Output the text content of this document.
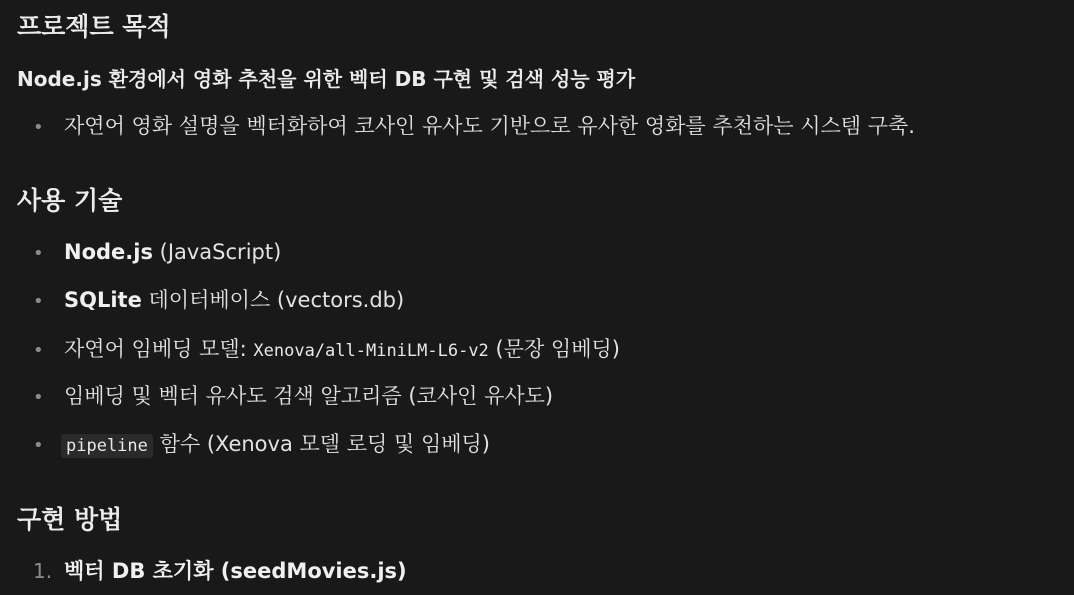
프로젝트 목적
Node.js 환경에서 영화 추천을 위한 벡터 DB 구현 및 검색 성능 평가
• 자연어 영화 설명을 벡터화하여 코사인 유사도 기반으로 유사한 영화를 추천하는 시스템 구축.
사용 기술
• Node.js (JavaScript)
• SQLite 데이터베이스 (vectors.db)
• 자연어 임베딩 모델: Xenova/all-MiniLM-L6-v2 (문장 임베딩)
• 임베딩 및 벡터 유사도 검색 알고리즘 (코사인 유사도)
• pipeline 함수 (Xenova 모델 로딩 및 임베딩)
구현 방법
1. 벡터 DB 초기화 (seedMovies.js)
